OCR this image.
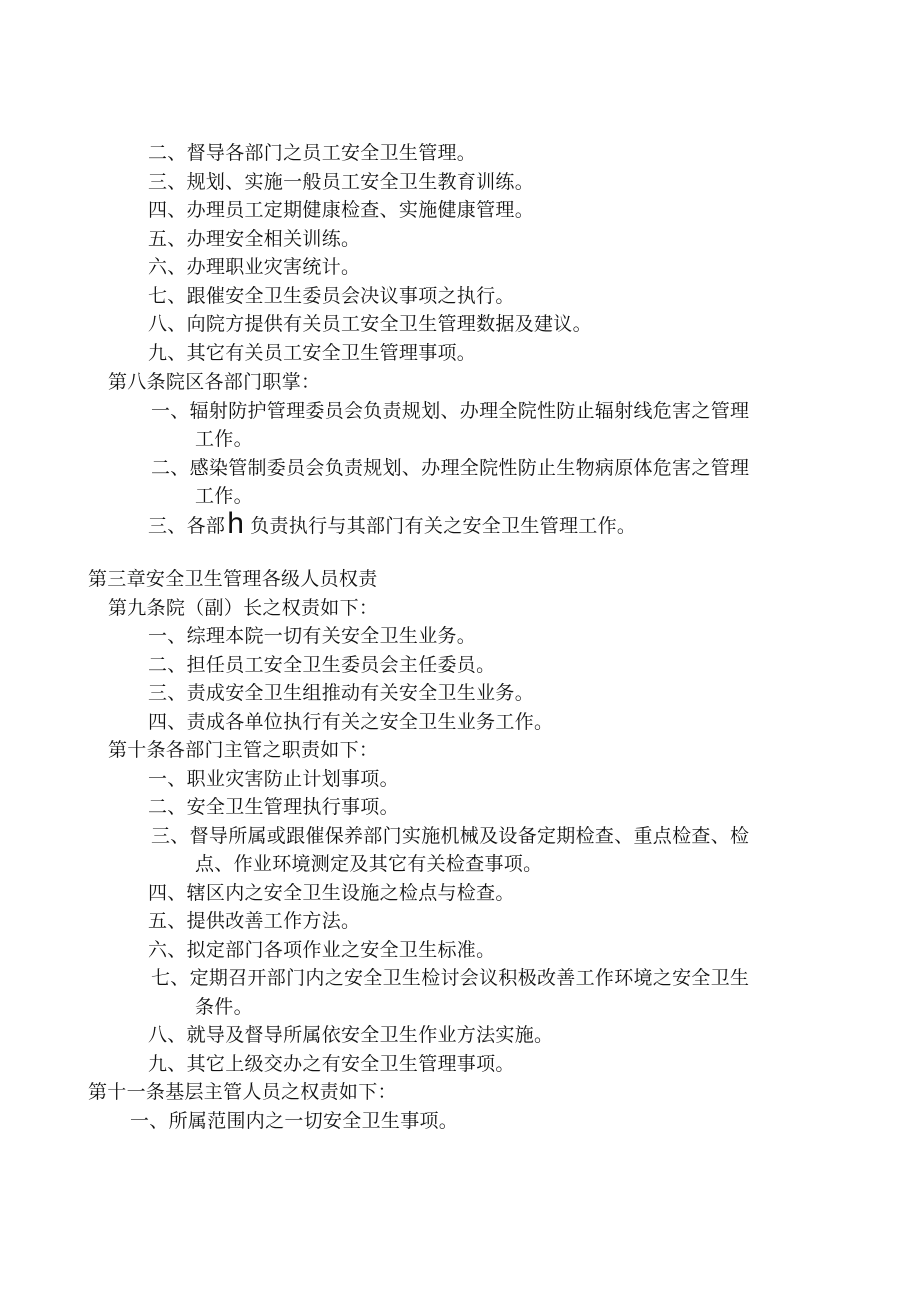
二、督导各部门之员工安全卫生管理。
三、规划、实施一般员工安全卫生教育训练。
四、办理员工定期健康检查、实施健康管理。
五、办理安全相关训练。
六、办理职业灾害统计。
七、跟催安全卫生委员会决议事项之执行。
八、向院方提供有关员工安全卫生管理数据及建议。
九、其它有关员工安全卫生管理事项。
第八条院区各部门职掌：
一、辐射防护管理委员会负责规划、办理全院性防止辐射线危害之管理
工作。
二、感染管制委员会负责规划、办理全院性防止生物病原体危害之管理
工作。
三、各部h 负责执行与其部门有关之安全卫生管理工作。
第三章安全卫生管理各级人员权责
第九条院（副）长之权责如下：
一、综理本院一切有关安全卫生业务。
二、担任员工安全卫生委员会主任委员。
三、责成安全卫生组推动有关安全卫生业务。
四、责成各单位执行有关之安全卫生业务工作。
第十条各部门主管之职责如下：
一、职业灾害防止计划事项。
二、安全卫生管理执行事项。
三、督导所属或跟催保养部门实施机械及设备定期检查、重点检查、检
点、作业环境测定及其它有关检查事项。
四、辖区内之安全卫生设施之检点与检查。
五、提供改善工作方法。
六、拟定部门各项作业之安全卫生标准。
七、定期召开部门内之安全卫生检讨会议积极改善工作环境之安全卫生
条件。
八、就导及督导所属依安全卫生作业方法实施。
九、其它上级交办之有安全卫生管理事项。
第十一条基层主管人员之权责如下：
一、所属范围内之一切安全卫生事项。
